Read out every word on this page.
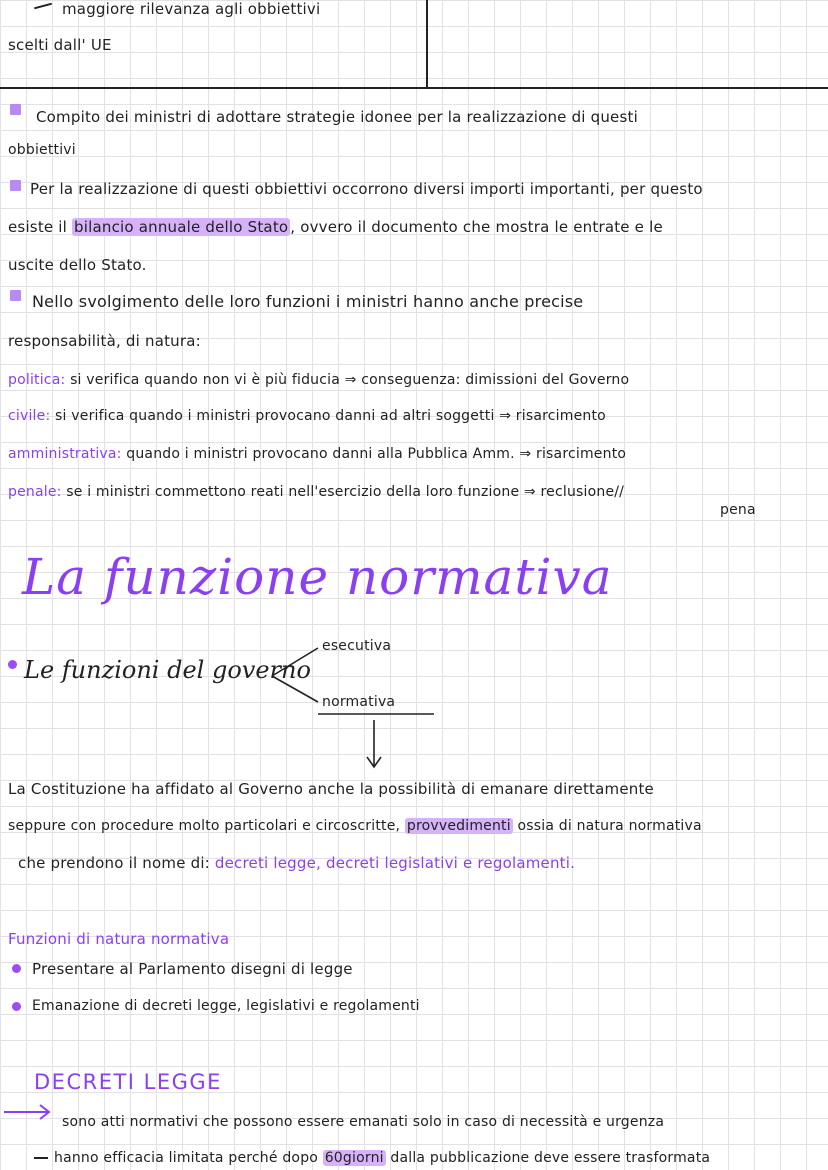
maggiore rilevanza agli obbiettivi
scelti dall' UE
Compito dei ministri di adottare strategie idonee per la realizzazione di questi
obbiettivi
Per la realizzazione di questi obbiettivi occorrono diversi importi importanti, per questo
esiste il bilancio annuale dello Stato , ovvero il documento che mostra le entrate e le
uscite dello Stato.
Nello svolgimento delle loro funzioni i ministri hanno anche precise
responsabilità, di natura:
politica: si verifica quando non vi è più fiducia ⇒ conseguenza: dimissioni del Governo
civile: si verifica quando i ministri provocano danni ad altri soggetti ⇒ risarcimento
amministrativa: quando i ministri provocano danni alla Pubblica Amm. ⇒ risarcimento
penale: se i ministri commettono reati nell'esercizio della loro funzione ⇒ reclusione//
pena
La funzione normativa
Le funzioni del governo
esecutiva
normativa
La Costituzione ha affidato al Governo anche la possibilità di emanare direttamente
seppure con procedure molto particolari e circoscritte, provvedimenti ossia di natura normativa
che prendono il nome di: decreti legge, decreti legislativi e regolamenti.
Funzioni di natura normativa
Presentare al Parlamento disegni di legge
Emanazione di decreti legge, legislativi e regolamenti
DECRETI LEGGE
sono atti normativi che possono essere emanati solo in caso di necessità e urgenza
hanno efficacia limitata perché dopo 60giorni dalla pubblicazione deve essere trasformata
